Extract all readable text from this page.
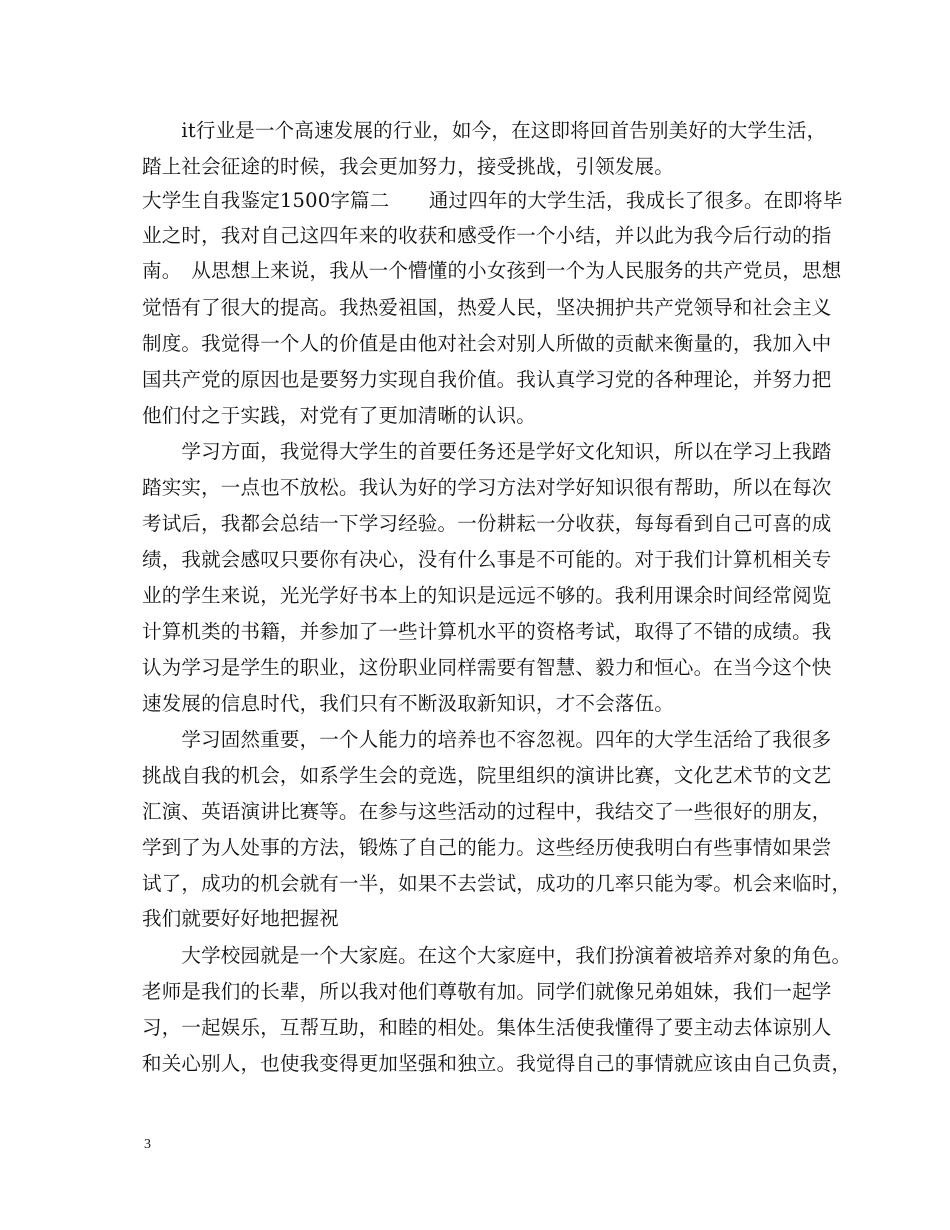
　　it行业是一个高速发展的行业，如今，在这即将回首告别美好的大学生活，
踏上社会征途的时候，我会更加努力，接受挑战，引领发展。
大学生自我鉴定1500字篇二　　通过四年的大学生活，我成长了很多。在即将毕
业之时，我对自己这四年来的收获和感受作一个小结，并以此为我今后行动的指
南。　从思想上来说，我从一个懵懂的小女孩到一个为人民服务的共产党员，思想
觉悟有了很大的提高。我热爱祖国，热爱人民，坚决拥护共产党领导和社会主义
制度。我觉得一个人的价值是由他对社会对别人所做的贡献来衡量的，我加入中
国共产党的原因也是要努力实现自我价值。我认真学习党的各种理论，并努力把
他们付之于实践，对党有了更加清晰的认识。
　　学习方面，我觉得大学生的首要任务还是学好文化知识，所以在学习上我踏
踏实实，一点也不放松。我认为好的学习方法对学好知识很有帮助，所以在每次
考试后，我都会总结一下学习经验。一份耕耘一分收获，每每看到自己可喜的成
绩，我就会感叹只要你有决心，没有什么事是不可能的。对于我们计算机相关专
业的学生来说，光光学好书本上的知识是远远不够的。我利用课余时间经常阅览
计算机类的书籍，并参加了一些计算机水平的资格考试，取得了不错的成绩。我
认为学习是学生的职业，这份职业同样需要有智慧、毅力和恒心。在当今这个快
速发展的信息时代，我们只有不断汲取新知识，才不会落伍。
　　学习固然重要，一个人能力的培养也不容忽视。四年的大学生活给了我很多
挑战自我的机会，如系学生会的竞选，院里组织的演讲比赛，文化艺术节的文艺
汇演、英语演讲比赛等。在参与这些活动的过程中，我结交了一些很好的朋友，
学到了为人处事的方法，锻炼了自己的能力。这些经历使我明白有些事情如果尝
试了，成功的机会就有一半，如果不去尝试，成功的几率只能为零。机会来临时，
我们就要好好地把握祝
　　大学校园就是一个大家庭。在这个大家庭中，我们扮演着被培养对象的角色。
老师是我们的长辈，所以我对他们尊敬有加。同学们就像兄弟姐妹，我们一起学
习，一起娱乐，互帮互助，和睦的相处。集体生活使我懂得了要主动去体谅别人
和关心别人，也使我变得更加坚强和独立。我觉得自己的事情就应该由自己负责，
3
